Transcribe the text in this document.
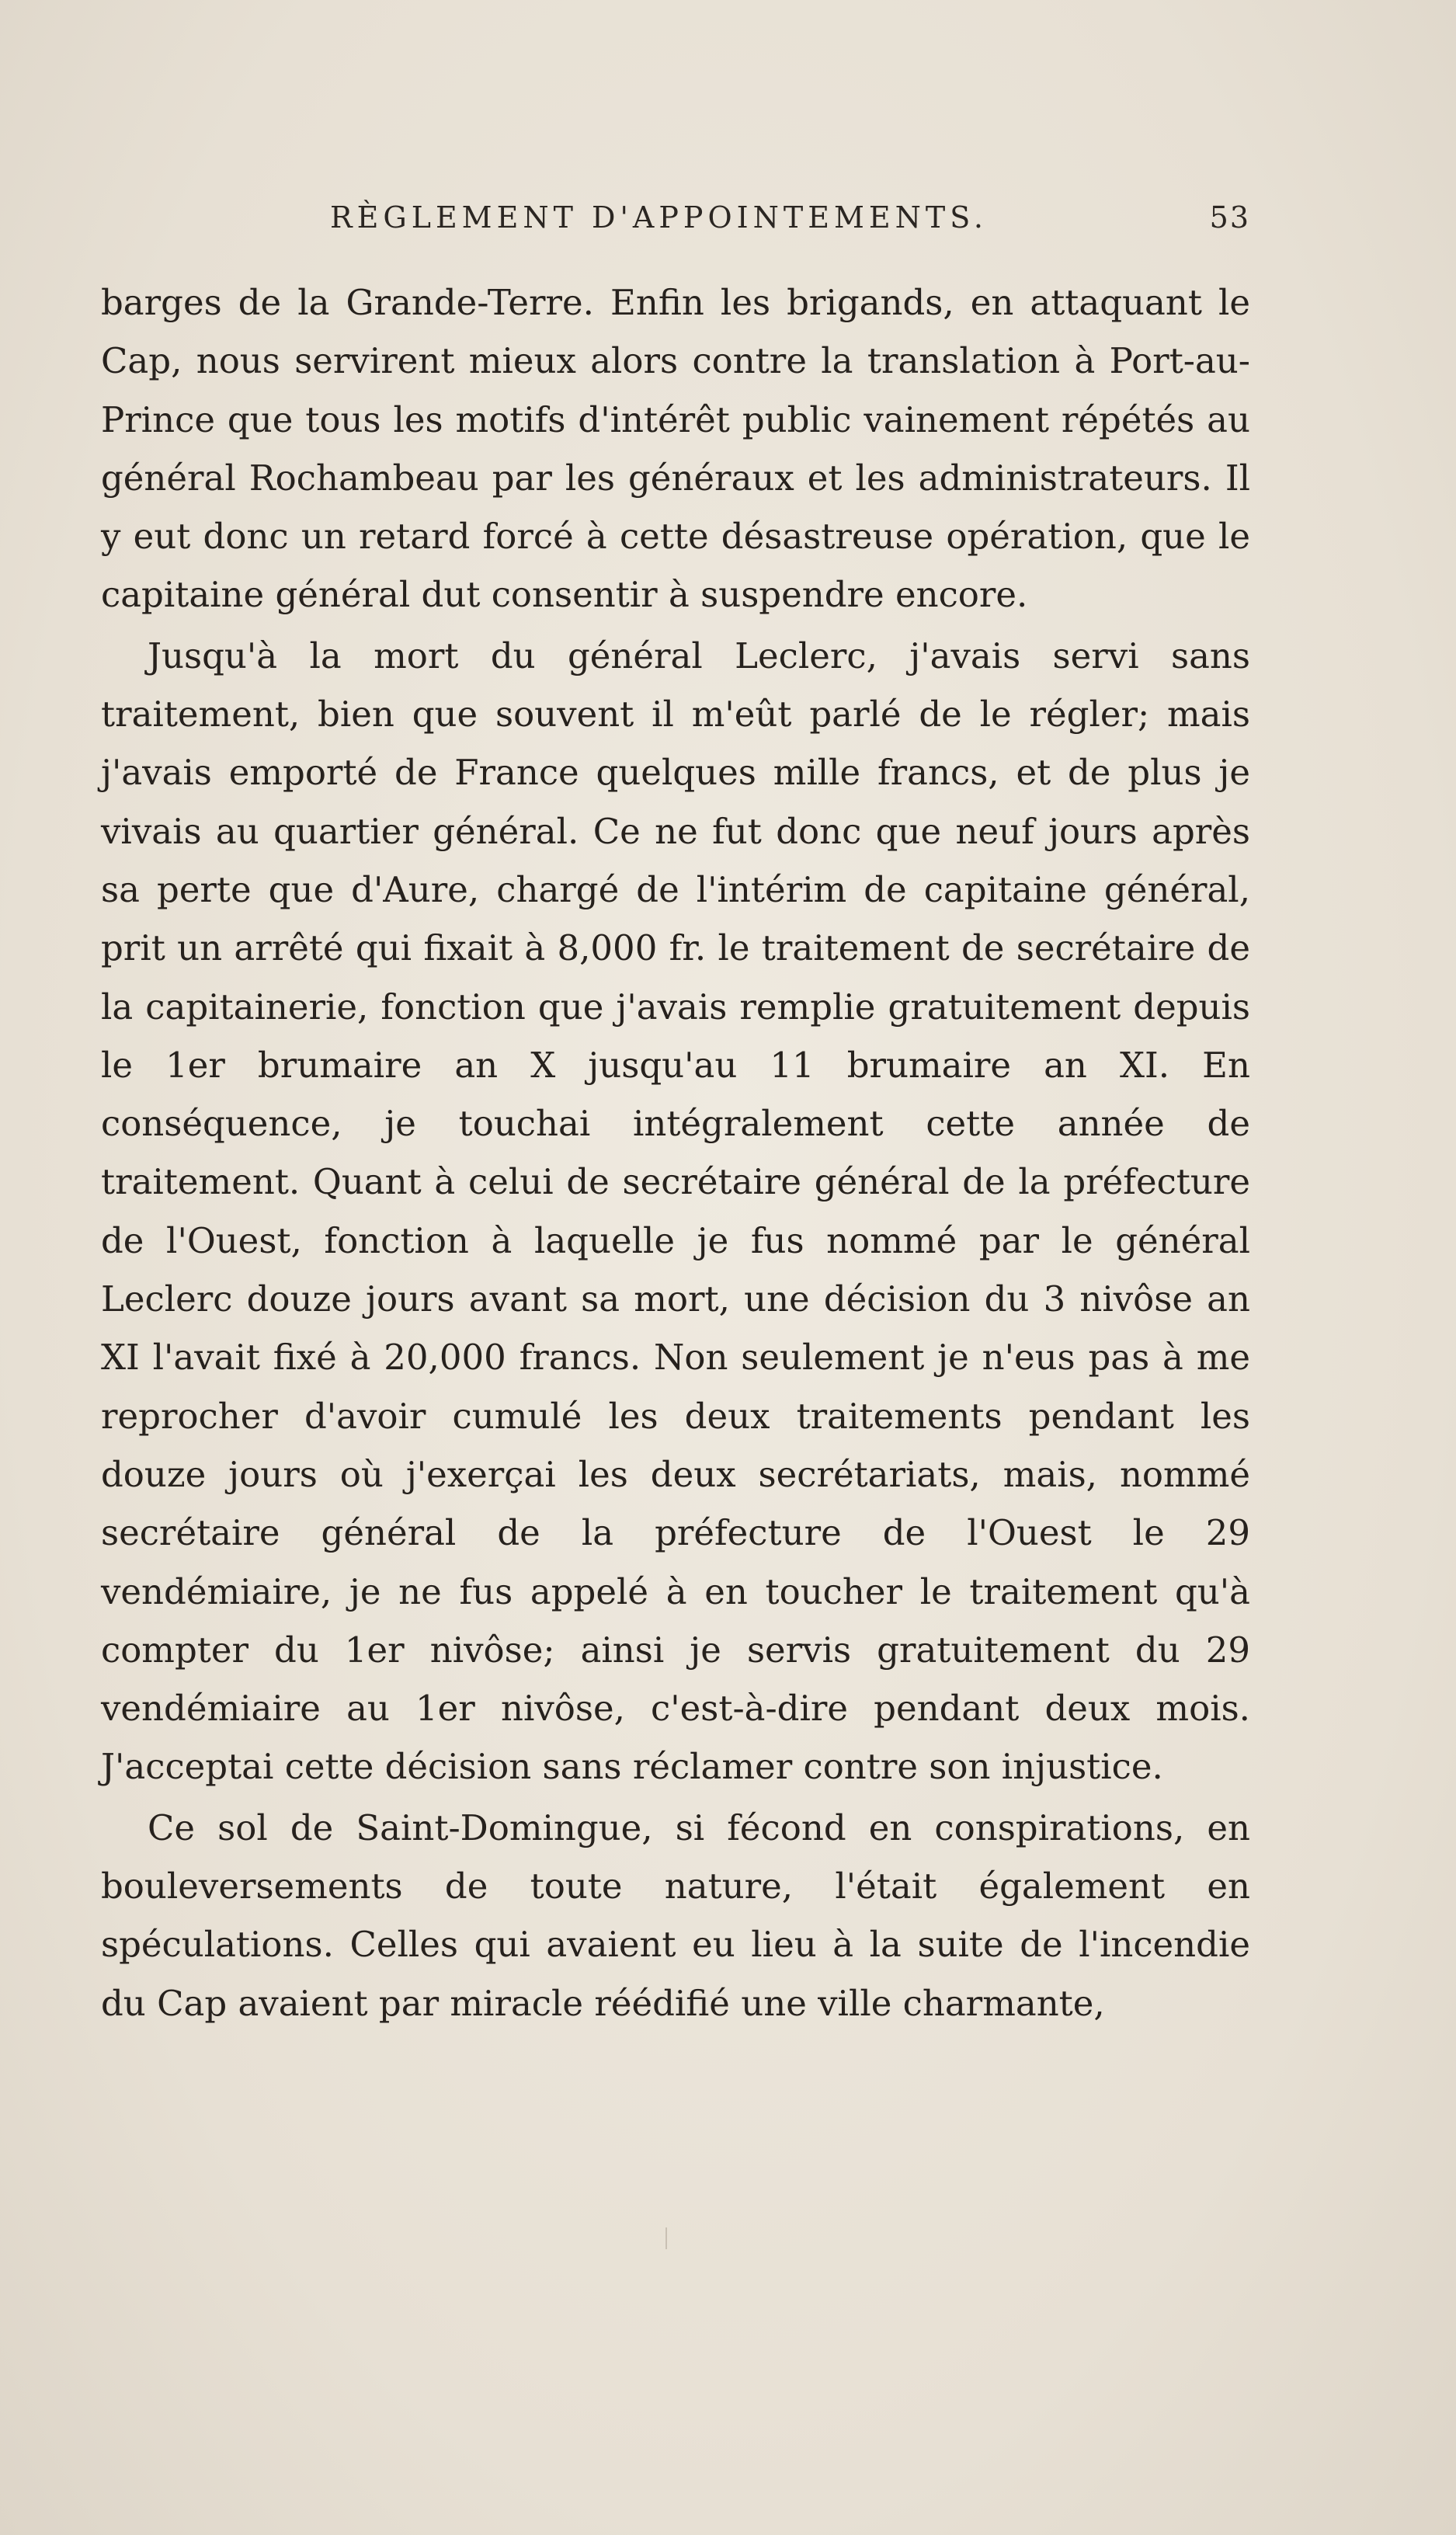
RÈGLEMENT D'APPOINTEMENTS.	53

barges de la Grande-Terre. Enfin les brigands, en attaquant le Cap, nous servirent mieux alors contre la translation à Port-au-Prince que tous les motifs d'intérêt public vainement répétés au général Rochambeau par les généraux et les administrateurs. Il y eut donc un retard forcé à cette désastreuse opération, que le capitaine général dut consentir à suspendre encore.

Jusqu'à la mort du général Leclerc, j'avais servi sans traitement, bien que souvent il m'eût parlé de le régler; mais j'avais emporté de France quelques mille francs, et de plus je vivais au quartier général. Ce ne fut donc que neuf jours après sa perte que d'Aure, chargé de l'intérim de capitaine général, prit un arrêté qui fixait à 8,000 fr. le traitement de secrétaire de la capitainerie, fonction que j'avais remplie gratuitement depuis le 1er brumaire an X jusqu'au 11 brumaire an XI. En conséquence, je touchai intégralement cette année de traitement. Quant à celui de secrétaire général de la préfecture de l'Ouest, fonction à laquelle je fus nommé par le général Leclerc douze jours avant sa mort, une décision du 3 nivôse an XI l'avait fixé à 20,000 francs. Non seulement je n'eus pas à me reprocher d'avoir cumulé les deux traitements pendant les douze jours où j'exerçai les deux secrétariats, mais, nommé secrétaire général de la préfecture de l'Ouest le 29 vendémiaire, je ne fus appelé à en toucher le traitement qu'à compter du 1er nivôse; ainsi je servis gratuitement du 29 vendémiaire au 1er nivôse, c'est-à-dire pendant deux mois. J'acceptai cette décision sans réclamer contre son injustice.

Ce sol de Saint-Domingue, si fécond en conspirations, en bouleversements de toute nature, l'était également en spéculations. Celles qui avaient eu lieu à la suite de l'incendie du Cap avaient par miracle réédifié une ville charmante,
